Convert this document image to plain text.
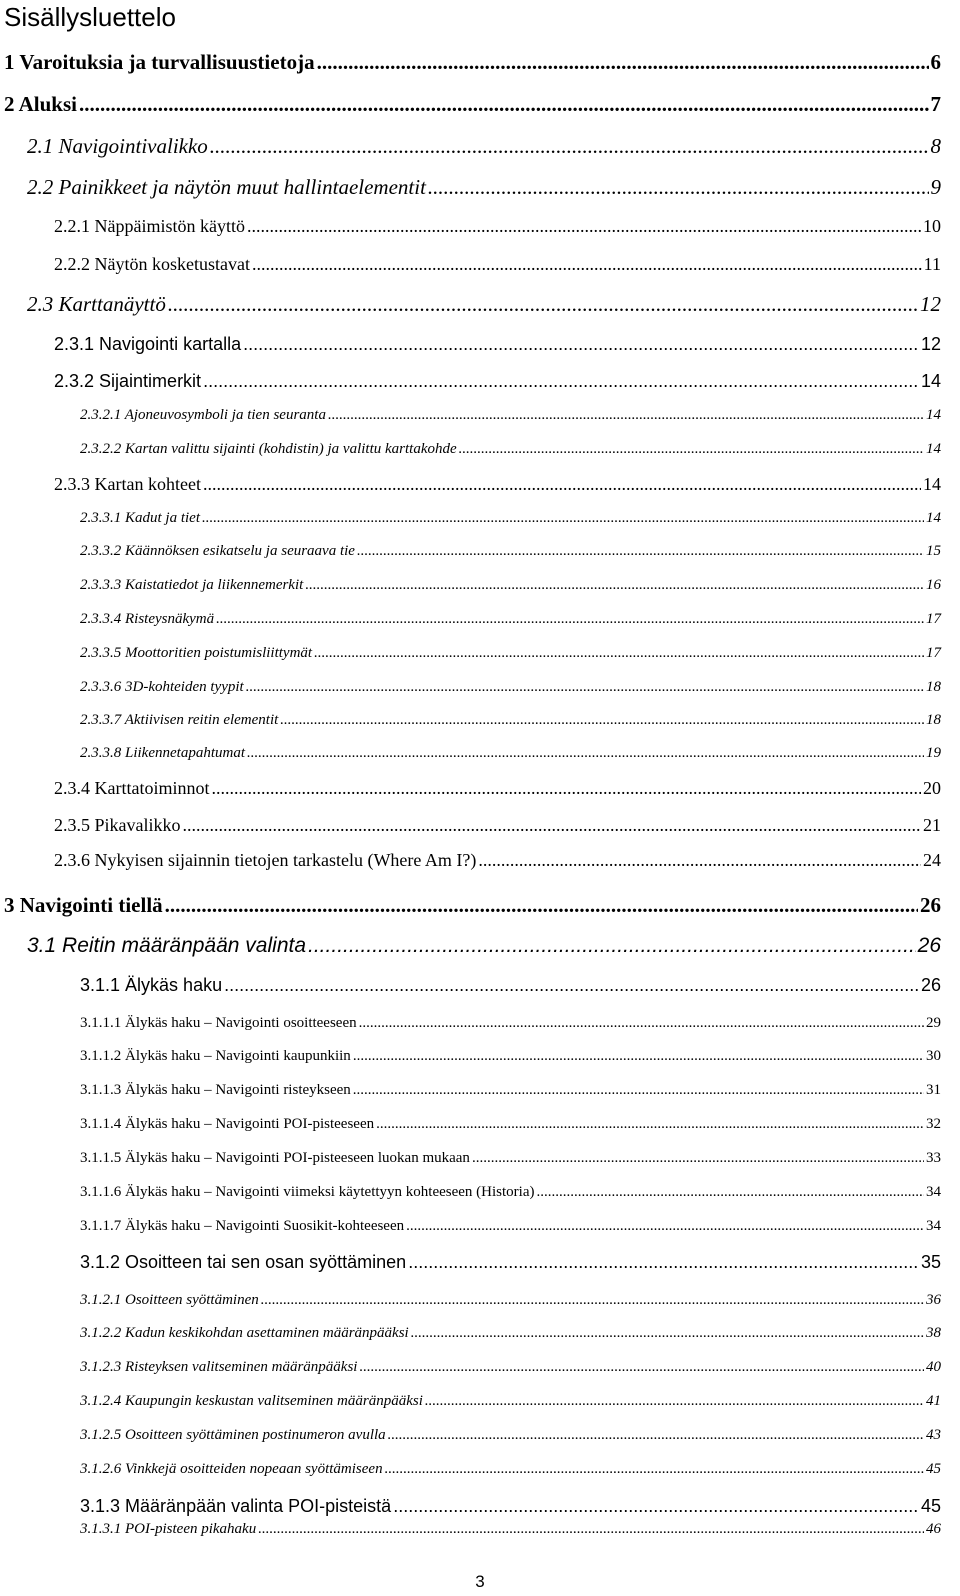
Sisällysluettelo
1 Varoituksia ja turvallisuustietoja .....	6
2 Aluksi .....	7
2.1 Navigointivalikko .....	8
2.2 Painikkeet ja näytön muut hallintaelementit .....	9
2.2.1 Näppäimistön käyttö .....	10
2.2.2 Näytön kosketustavat .....	11
2.3 Karttanäyttö .....	12
2.3.1 Navigointi kartalla .....	12
2.3.2 Sijaintimerkit .....	14
2.3.2.1 Ajoneuvosymboli ja tien seuranta .....	14
2.3.2.2 Kartan valittu sijainti (kohdistin) ja valittu karttakohde .....	14
2.3.3 Kartan kohteet .....	14
2.3.3.1 Kadut ja tiet .....	14
2.3.3.2 Käännöksen esikatselu ja seuraava tie .....	15
2.3.3.3 Kaistatiedot ja liikennemerkit .....	16
2.3.3.4 Risteysnäkymä .....	17
2.3.3.5 Moottoritien poistumisliittymät .....	17
2.3.3.6 3D-kohteiden tyypit .....	18
2.3.3.7 Aktiivisen reitin elementit .....	18
2.3.3.8 Liikennetapahtumat .....	19
2.3.4 Karttatoiminnot .....	20
2.3.5 Pikavalikko .....	21
2.3.6 Nykyisen sijainnin tietojen tarkastelu (Where Am I?) .....	24
3 Navigointi tiellä .....	26
3.1 Reitin määränpään valinta .....	26
3.1.1 Älykäs haku .....	26
3.1.1.1 Älykäs haku – Navigointi osoitteeseen .....	29
3.1.1.2 Älykäs haku – Navigointi kaupunkiin .....	30
3.1.1.3 Älykäs haku – Navigointi risteykseen .....	31
3.1.1.4 Älykäs haku – Navigointi POI-pisteeseen .....	32
3.1.1.5 Älykäs haku – Navigointi POI-pisteeseen luokan mukaan .....	33
3.1.1.6 Älykäs haku – Navigointi viimeksi käytettyyn kohteeseen (Historia) .....	34
3.1.1.7 Älykäs haku – Navigointi Suosikit-kohteeseen .....	34
3.1.2 Osoitteen tai sen osan syöttäminen .....	35
3.1.2.1 Osoitteen syöttäminen .....	36
3.1.2.2 Kadun keskikohdan asettaminen määränpääksi .....	38
3.1.2.3 Risteyksen valitseminen määränpääksi .....	40
3.1.2.4 Kaupungin keskustan valitseminen määränpääksi .....	41
3.1.2.5 Osoitteen syöttäminen postinumeron avulla .....	43
3.1.2.6 Vinkkejä osoitteiden nopeaan syöttämiseen .....	45
3.1.3 Määränpään valinta POI-pisteistä .....	45
3.1.3.1 POI-pisteen pikahaku .....	46
3
